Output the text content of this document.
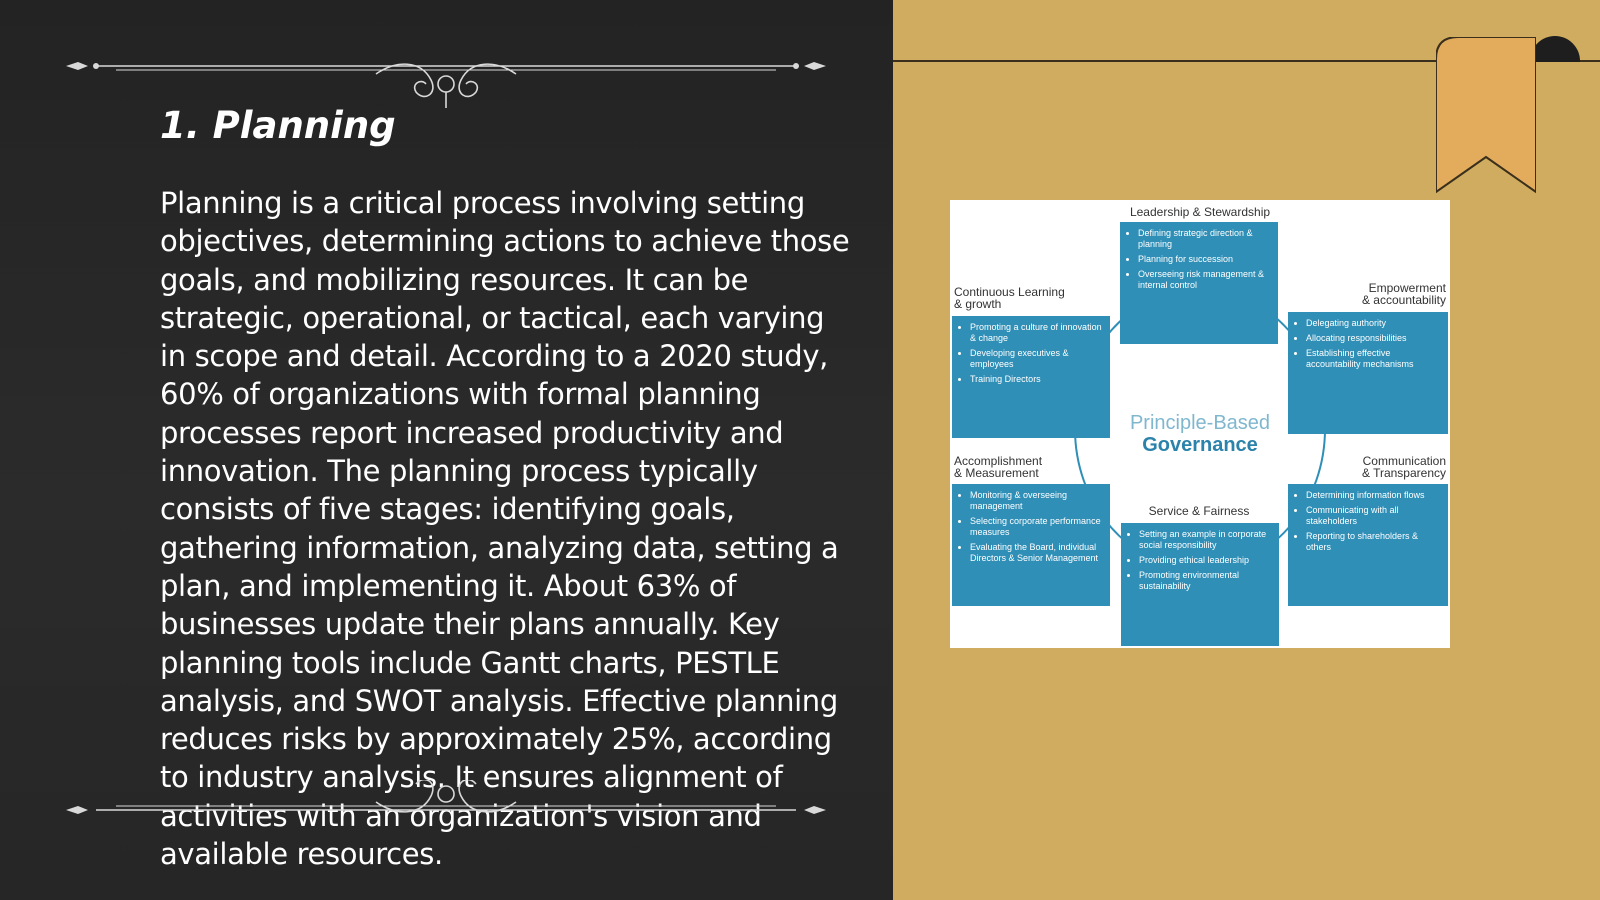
1. Planning

Planning is a critical process involving setting objectives, determining actions to achieve those goals, and mobilizing resources. It can be strategic, operational, or tactical, each varying in scope and detail. According to a 2020 study, 60% of organizations with formal planning processes report increased productivity and innovation. The planning process typically consists of five stages: identifying goals, gathering information, analyzing data, setting a plan, and implementing it. About 63% of businesses update their plans annually. Key planning tools include Gantt charts, PESTLE analysis, and SWOT analysis. Effective planning reduces risks by approximately 25%, according to industry analysis. It ensures alignment of activities with an organization's vision and available resources.

Leadership & Stewardship
• Defining strategic direction & planning
• Planning for succession
• Overseeing risk management & internal control
Continuous Learning
& growth
• Promoting a culture of innovation & change
• Developing executives & employees
• Training Directors
Empowerment
& accountability
• Delegating authority
• Allocating responsibilities
• Establishing effective accountability mechanisms
Principle-Based
Governance
Accomplishment
& Measurement
• Monitoring & overseeing management
• Selecting corporate performance measures
• Evaluating the Board, individual Directors & Senior Management
Communication
& Transparency
• Determining information flows
• Communicating with all stakeholders
• Reporting to shareholders & others
Service & Fairness
• Setting an example in corporate social responsibility
• Providing ethical leadership
• Promoting environmental sustainability
